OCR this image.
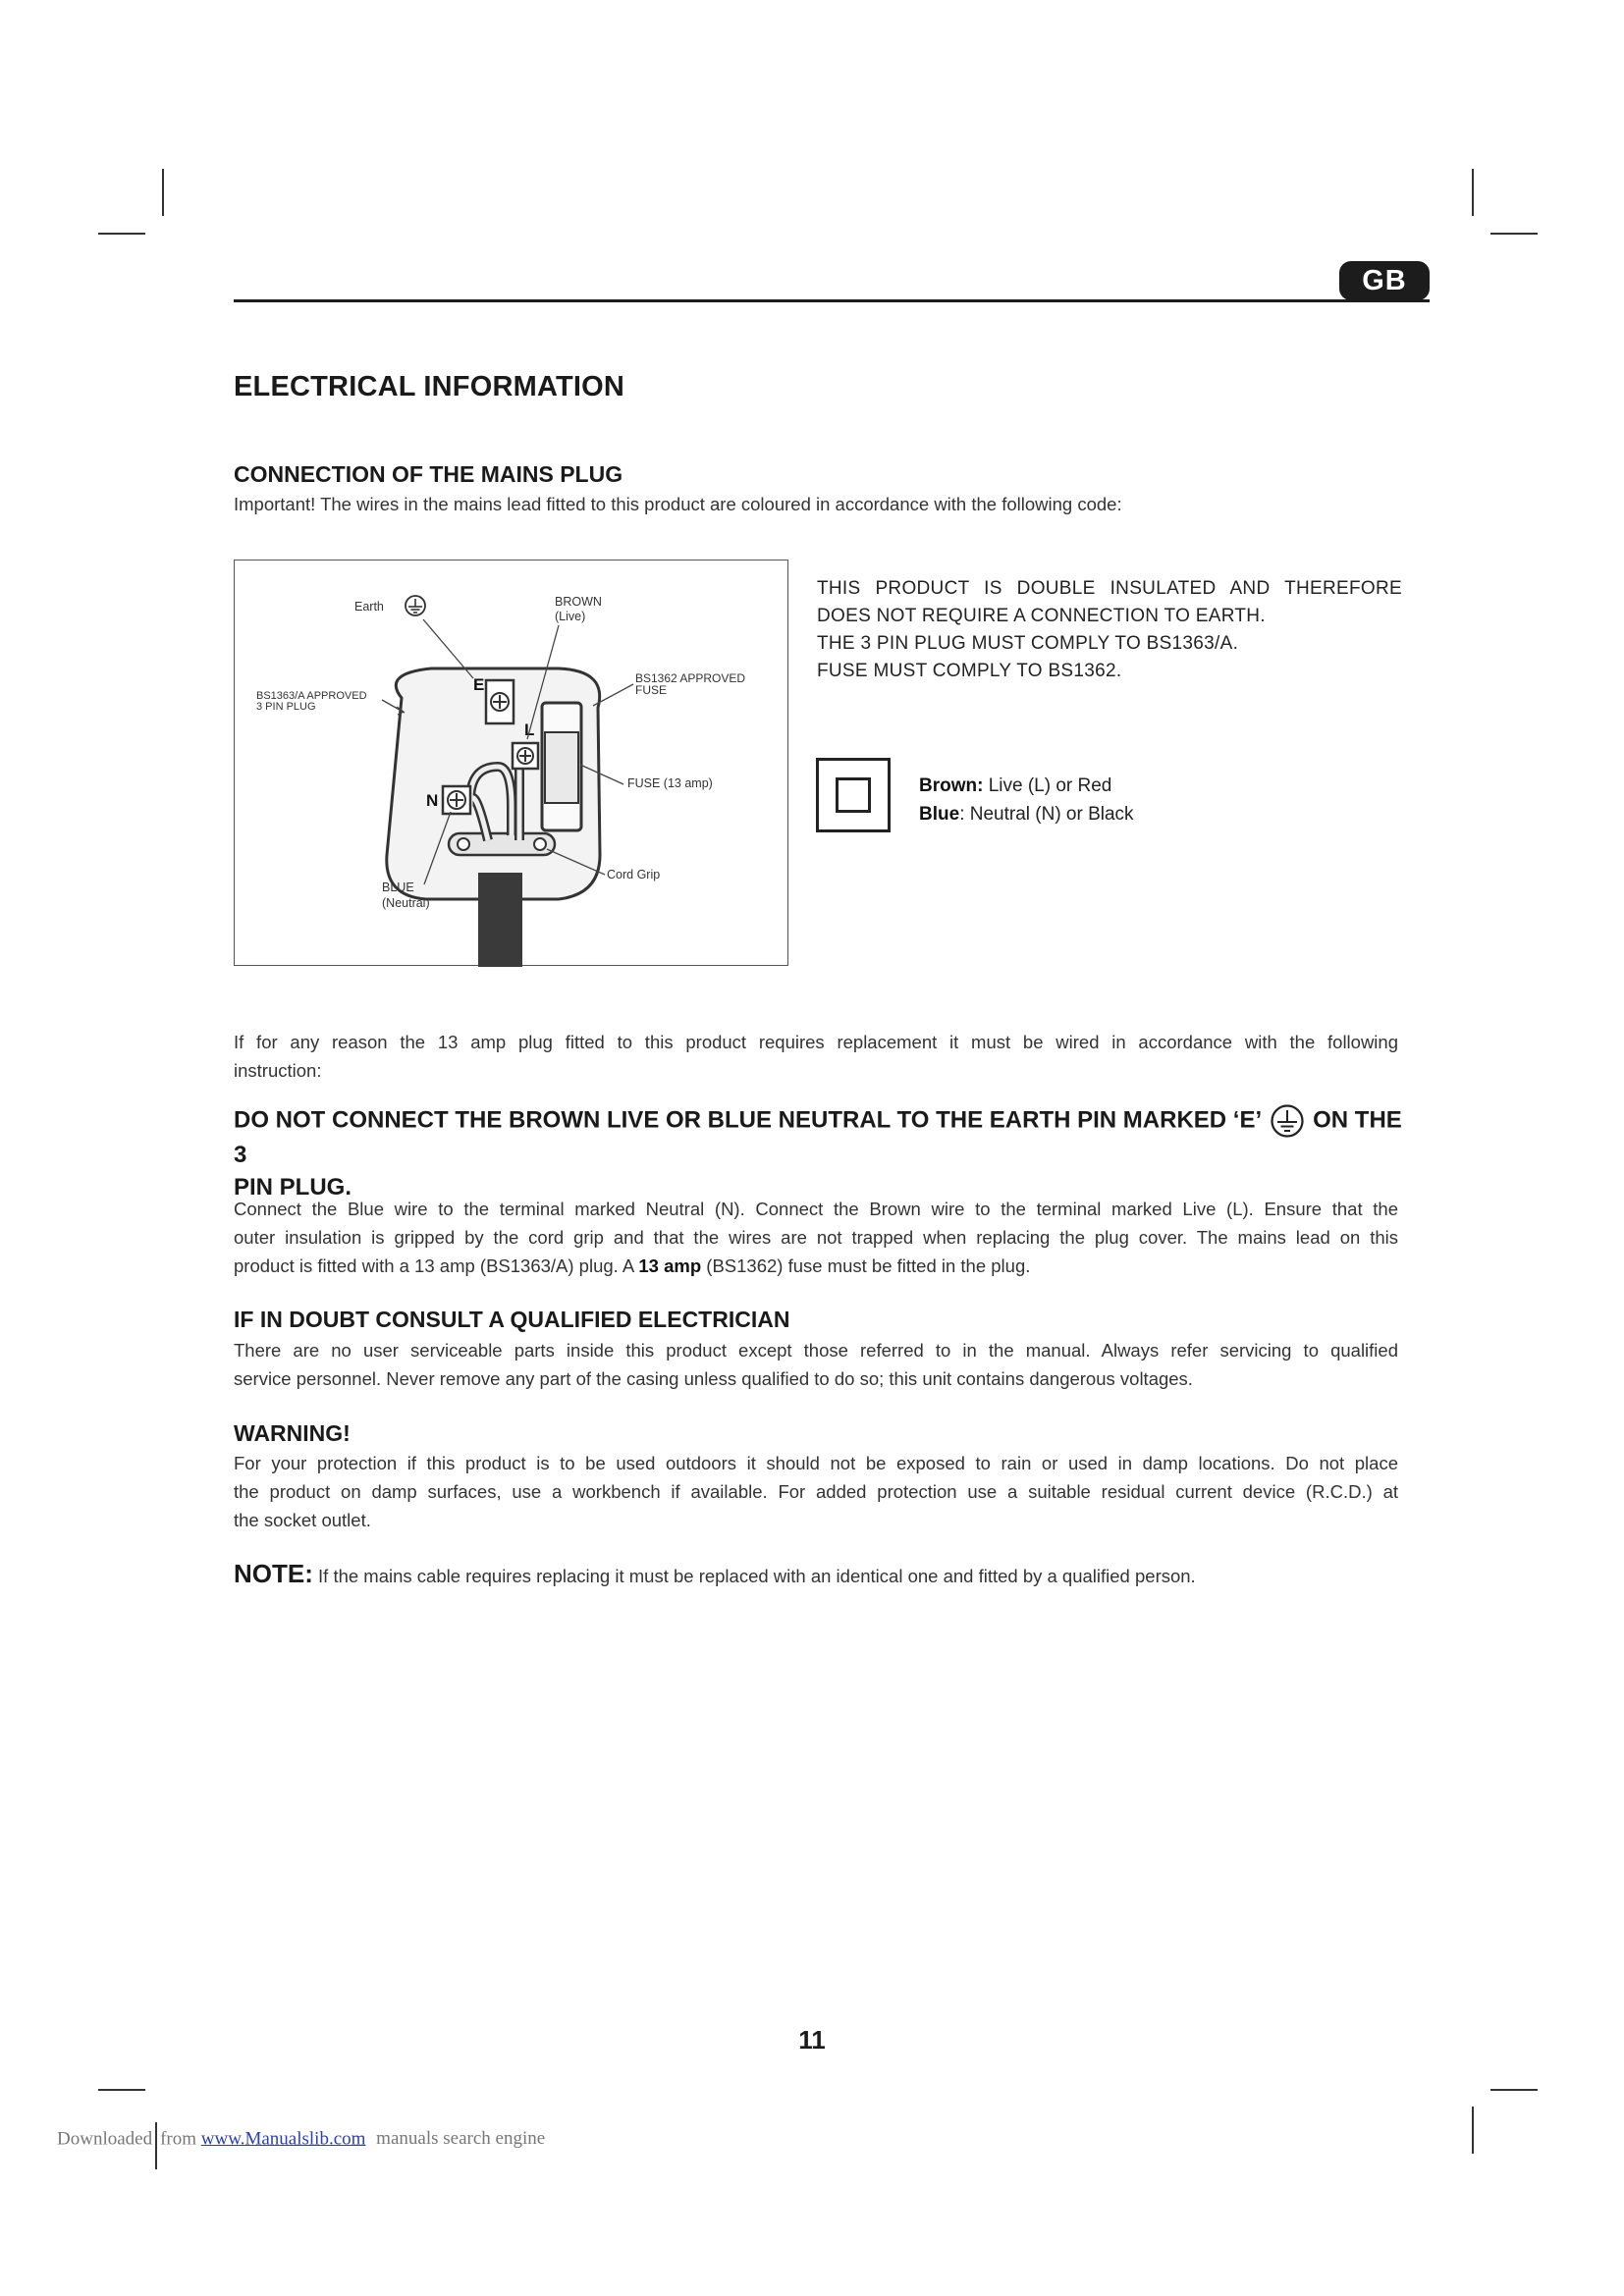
GB
ELECTRICAL INFORMATION
CONNECTION OF THE MAINS PLUG
Important! The wires in the mains lead fitted to this product are coloured in accordance with the following code:
E
L
N
Earth	BROWN
(Live)
BS1363/A APPROVED
3 PIN PLUG
BS1362 APPROVED
FUSE
FUSE (13 amp)
Cord Grip
BLUE
(Neutral)
THIS PRODUCT IS DOUBLE INSULATED AND THEREFORE
DOES NOT REQUIRE A CONNECTION TO EARTH.
THE 3 PIN PLUG MUST COMPLY TO BS1363/A.
FUSE MUST COMPLY TO BS1362.
Brown: Live (L) or Red
Blue: Neutral (N) or Black
If for any reason the 13 amp plug fitted to this product requires replacement it must be wired in accordance with the following
instruction:
DO NOT CONNECT THE BROWN LIVE OR BLUE NEUTRAL TO THE EARTH PIN MARKED ‘E’ ON THE 3
PIN PLUG.
Connect the Blue wire to the terminal marked Neutral (N). Connect the Brown wire to the terminal marked Live (L). Ensure that the
outer insulation is gripped by the cord grip and that the wires are not trapped when replacing the plug cover. The mains lead on this
product is fitted with a 13 amp (BS1363/A) plug. A 13 amp (BS1362) fuse must be fitted in the plug.
IF IN DOUBT CONSULT A QUALIFIED ELECTRICIAN
There are no user serviceable parts inside this product except those referred to in the manual. Always refer servicing to qualified
service personnel. Never remove any part of the casing unless qualified to do so; this unit contains dangerous voltages.
WARNING!
For your protection if this product is to be used outdoors it should not be exposed to rain or used in damp locations. Do not place
the product on damp surfaces, use a workbench if available. For added protection use a suitable residual current device (R.C.D.) at
the socket outlet.
NOTE: If the mains cable requires replacing it must be replaced with an identical one and fitted by a qualified person.
11
Downloaded from www.Manualslib.com manuals search engine
